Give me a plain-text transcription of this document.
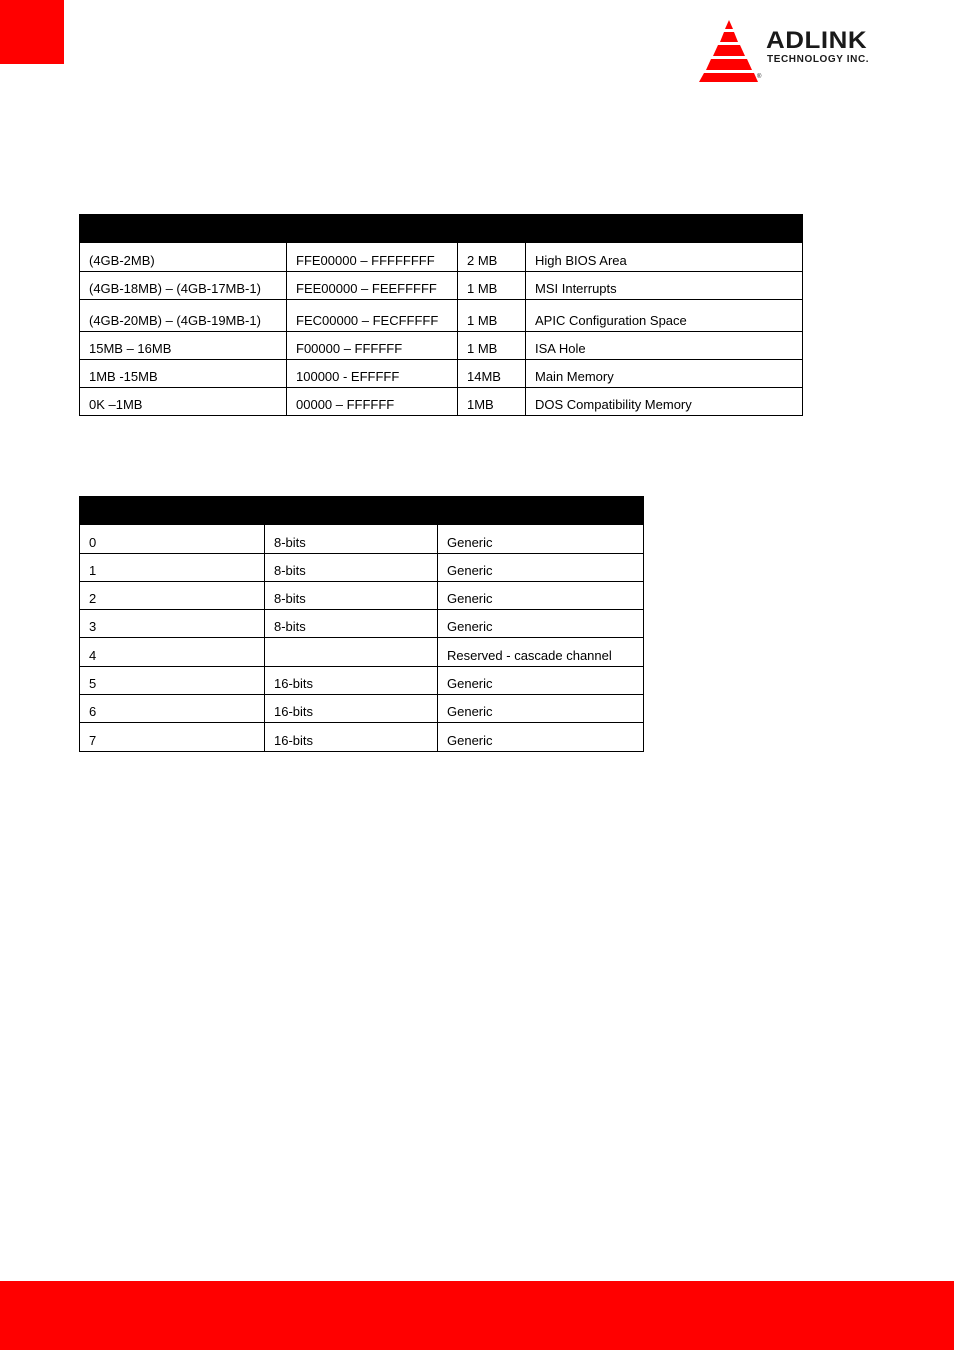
ADLINK
TECHNOLOGY INC.
®

(4GB-2MB)	FFE00000 – FFFFFFFF	2 MB	High BIOS Area
(4GB-18MB) – (4GB-17MB-1)	FEE00000 – FEEFFFFF	1 MB	MSI Interrupts
(4GB-20MB) – (4GB-19MB-1)	FEC00000 – FECFFFFF	1 MB	APIC Configuration Space
15MB – 16MB	F00000 – FFFFFF	1 MB	ISA Hole
1MB -15MB	100000 - EFFFFF	14MB	Main Memory
0K –1MB	00000 – FFFFFF	1MB	DOS Compatibility Memory

0	8-bits	Generic
1	8-bits	Generic
2	8-bits	Generic
3	8-bits	Generic
4		Reserved - cascade channel
5	16-bits	Generic
6	16-bits	Generic
7	16-bits	Generic
